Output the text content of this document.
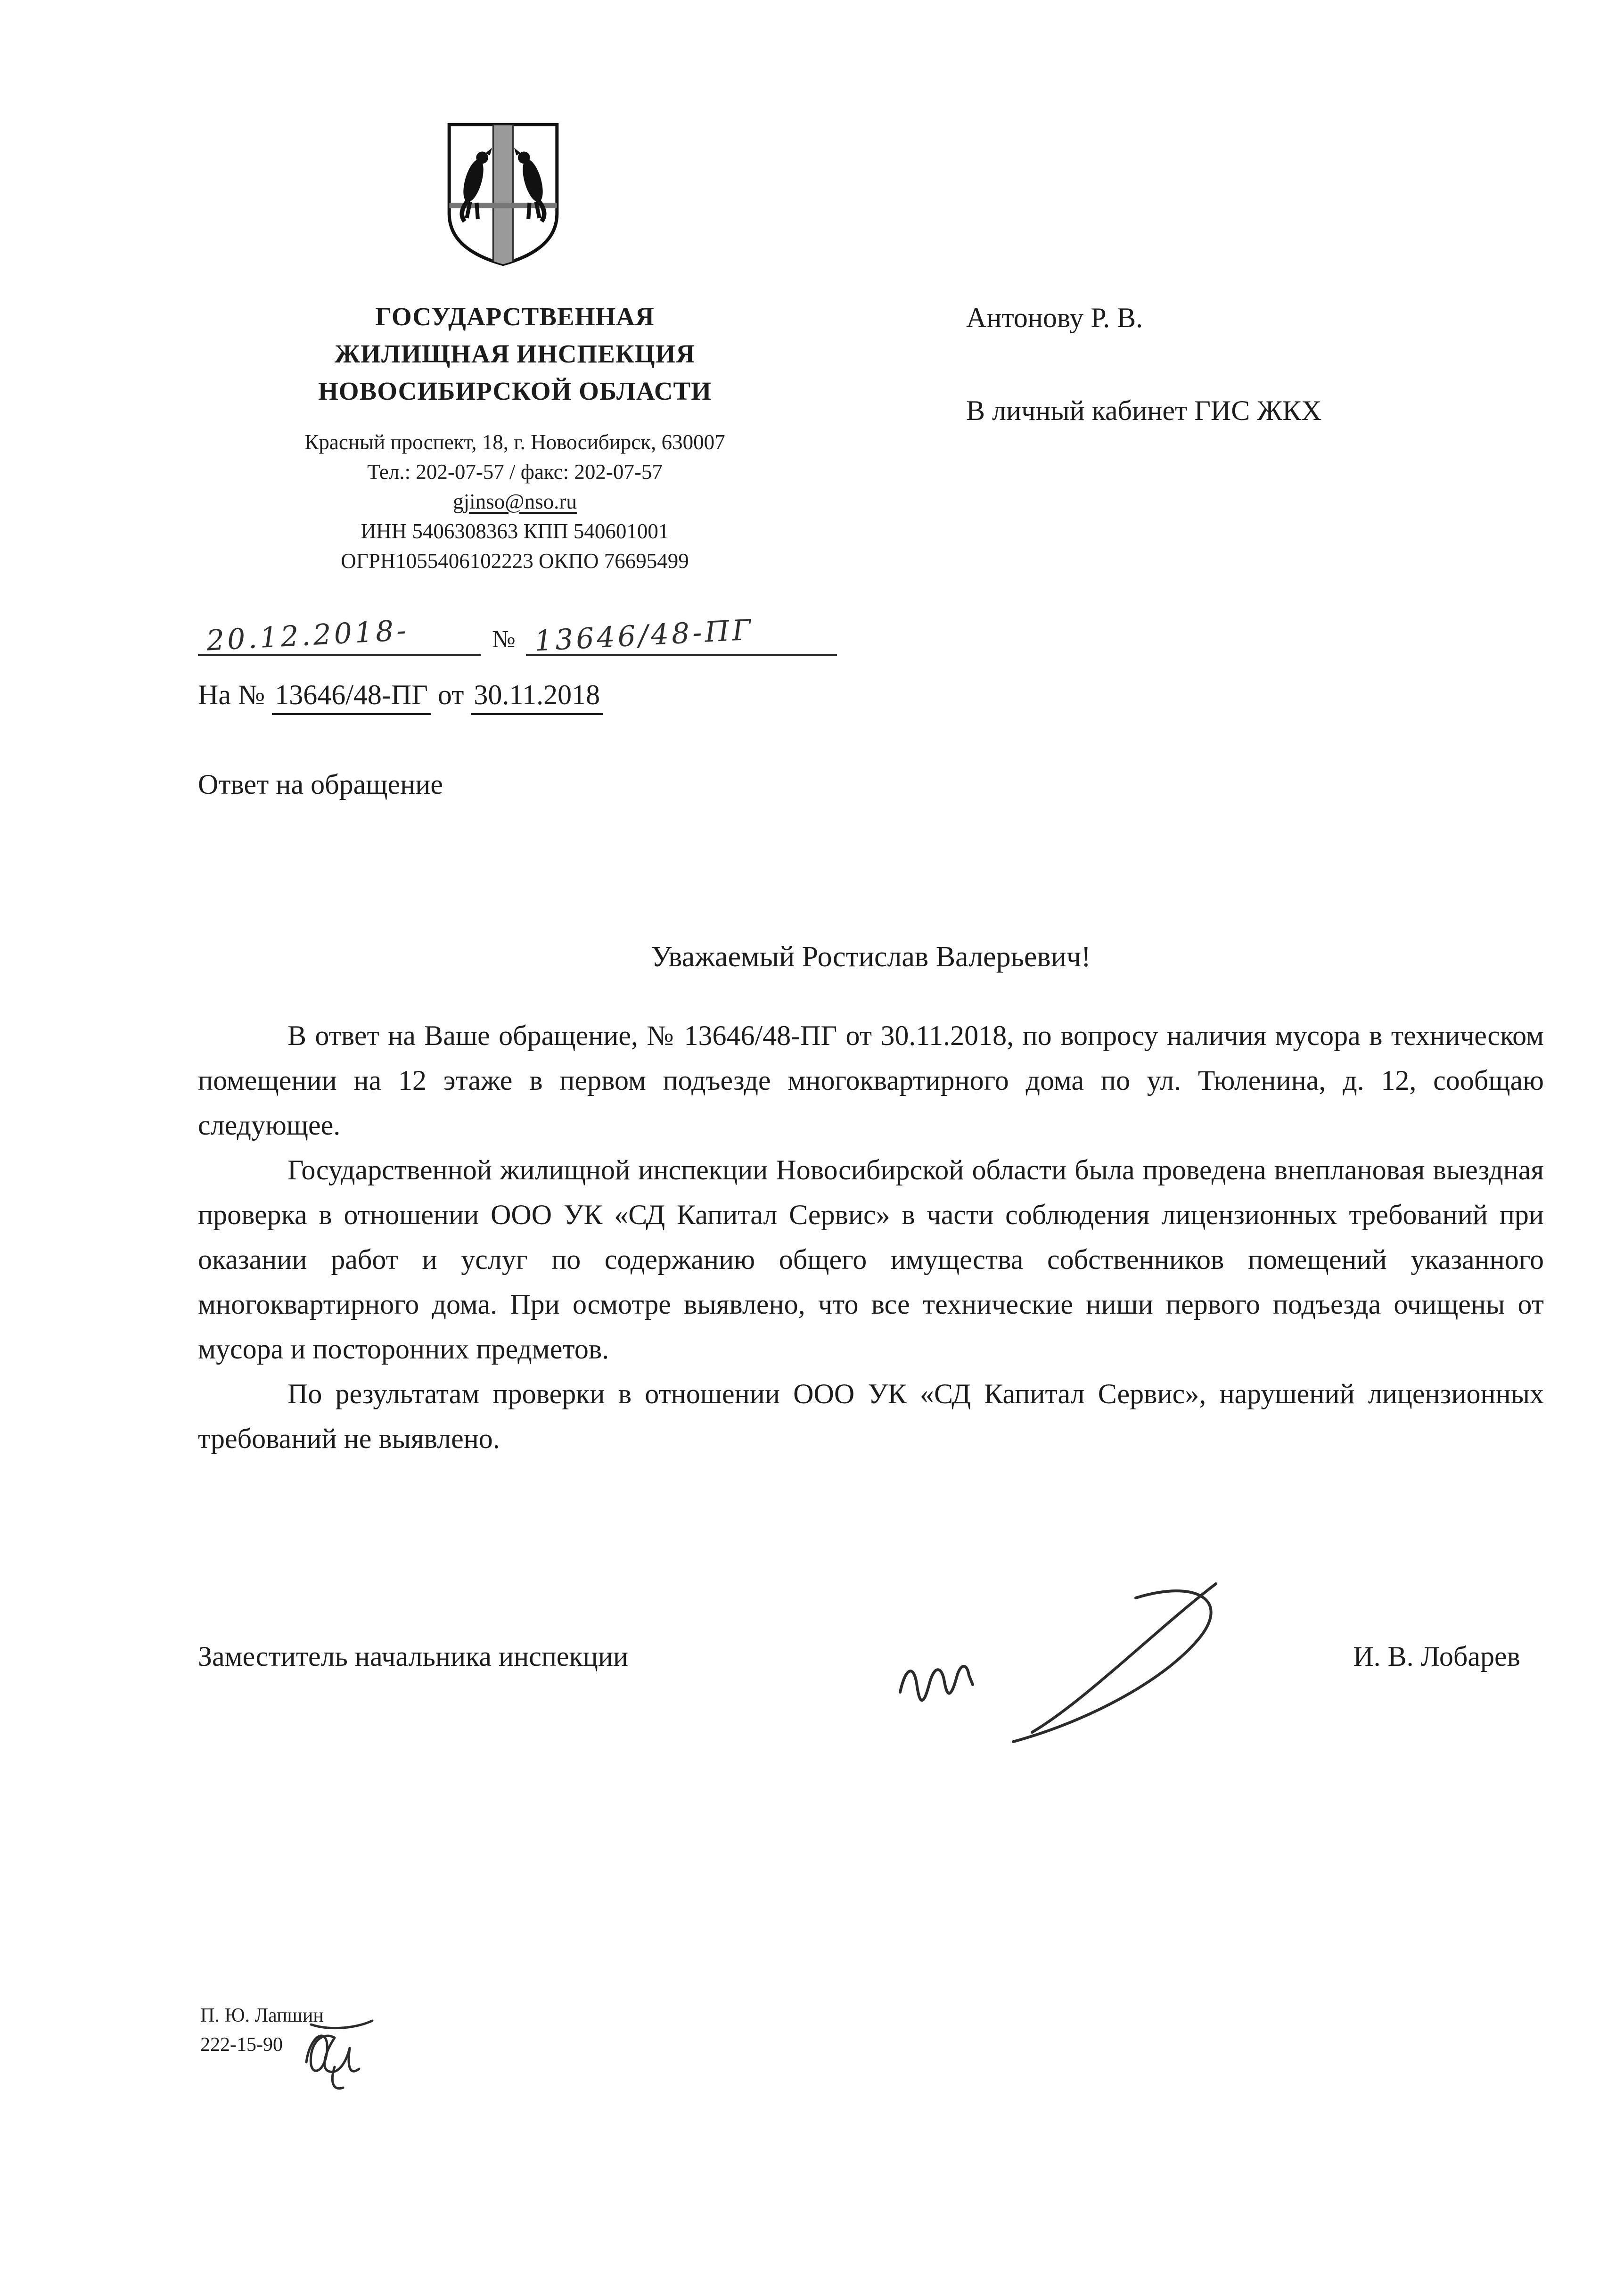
ГОСУДАРСТВЕННАЯ
ЖИЛИЩНАЯ ИНСПЕКЦИЯ
НОВОСИБИРСКОЙ ОБЛАСТИ
Красный проспект, 18, г. Новосибирск, 630007
Тел.: 202-07-57 / факс: 202-07-57
gjinso@nso.ru
ИНН 5406308363 КПП 540601001
ОГРН1055406102223 ОКПО 76695499
Антонову Р. В.
В личный кабинет ГИС ЖКХ
20.12.2018-	№ 13646/48-ПГ
На № 13646/48-ПГ от 30.11.2018
Ответ на обращение
Уважаемый Ростислав Валерьевич!

В ответ на Ваше обращение, № 13646/48-ПГ от 30.11.2018, по вопросу наличия мусора в техническом помещении на 12 этаже в первом подъезде многоквартирного дома по ул. Тюленина, д. 12, сообщаю следующее.

Государственной жилищной инспекции Новосибирской области была проведена внеплановая выездная проверка в отношении ООО УК «СД Капитал Сервис» в части соблюдения лицензионных требований при оказании работ и услуг по содержанию общего имущества собственников помещений указанного многоквартирного дома. При осмотре выявлено, что все технические ниши первого подъезда очищены от мусора и посторонних предметов.

По результатам проверки в отношении ООО УК «СД Капитал Сервис», нарушений лицензионных требований не выявлено.

Заместитель начальника инспекции	И. В. Лобарев
П. Ю. Лапшин
222-15-90
